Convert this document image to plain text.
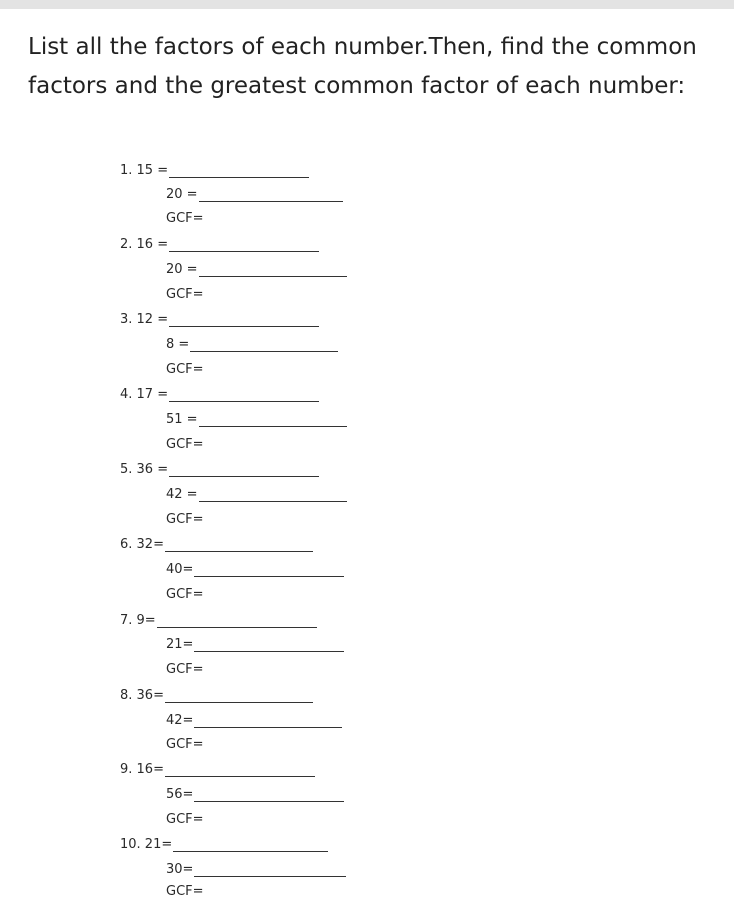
List all the factors of each number.Then, find the common factors and the greatest common factor of each number:
1. 15 =
20 =
GCF=
2. 16 =
20 =
GCF=
3. 12 =
8 =
GCF=
4. 17 =
51 =
GCF=
5. 36 =
42 =
GCF=
6. 32=
40=
GCF=
7. 9=
21=
GCF=
8. 36=
42=
GCF=
9. 16=
56=
GCF=
10. 21=
30=
GCF=
